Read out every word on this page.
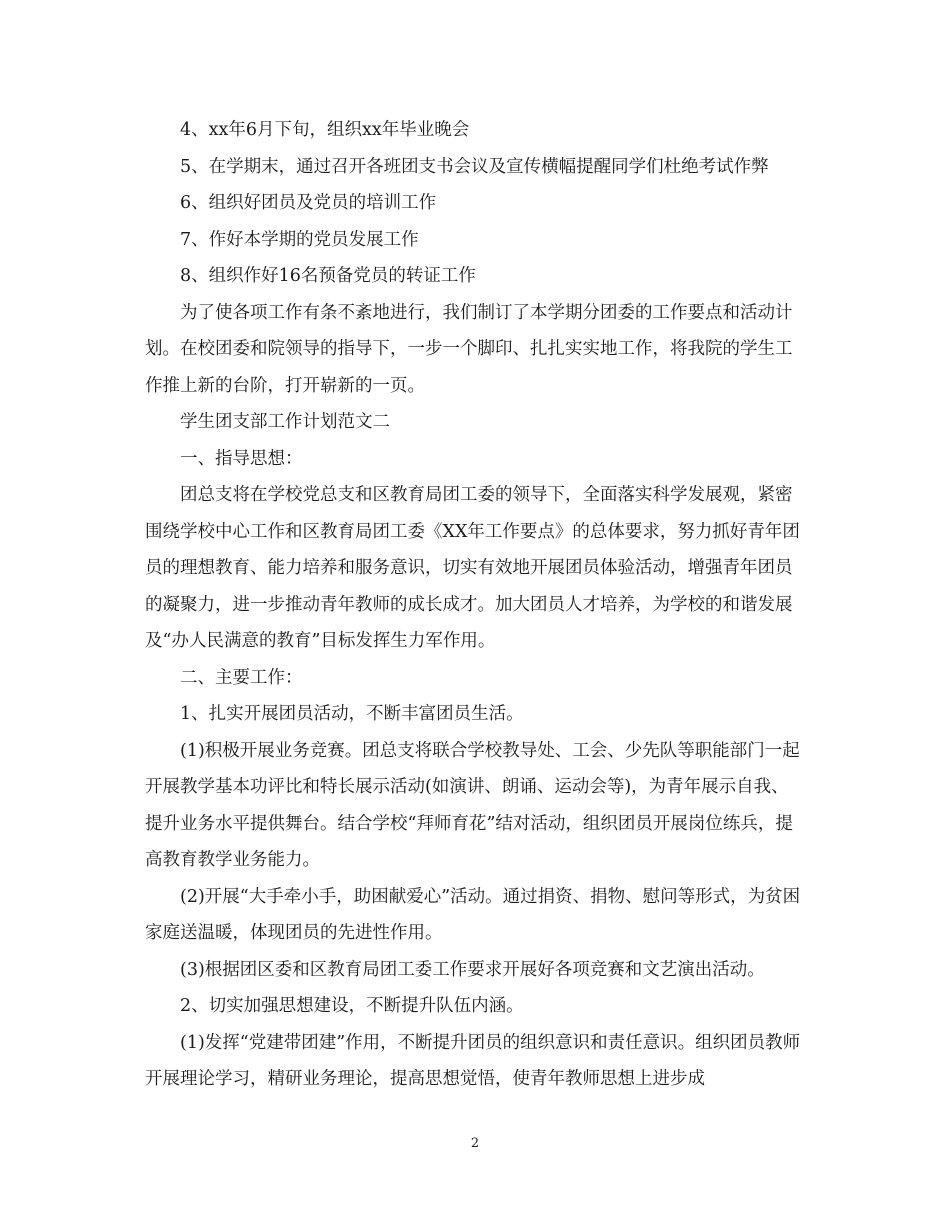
4、xx年6月下旬，组织xx年毕业晚会

5、在学期末，通过召开各班团支书会议及宣传横幅提醒同学们杜绝考试作弊

6、组织好团员及党员的培训工作

7、作好本学期的党员发展工作

8、组织作好16名预备党员的转证工作

为了使各项工作有条不紊地进行，我们制订了本学期分团委的工作要点和活动计划。在校团委和院领导的指导下，一步一个脚印、扎扎实实地工作，将我院的学生工作推上新的台阶，打开崭新的一页。

学生团支部工作计划范文二

一、指导思想：

团总支将在学校党总支和区教育局团工委的领导下，全面落实科学发展观，紧密围绕学校中心工作和区教育局团工委《XX年工作要点》的总体要求，努力抓好青年团员的理想教育、能力培养和服务意识，切实有效地开展团员体验活动，增强青年团员的凝聚力，进一步推动青年教师的成长成才。加大团员人才培养，为学校的和谐发展及“办人民满意的教育”目标发挥生力军作用。

二、主要工作：

1、扎实开展团员活动，不断丰富团员生活。

(1)积极开展业务竞赛。团总支将联合学校教导处、工会、少先队等职能部门一起开展教学基本功评比和特长展示活动(如演讲、朗诵、运动会等)，为青年展示自我、提升业务水平提供舞台。结合学校“拜师育花”结对活动，组织团员开展岗位练兵，提高教育教学业务能力。

(2)开展“大手牵小手，助困献爱心”活动。通过捐资、捐物、慰问等形式，为贫困家庭送温暖，体现团员的先进性作用。

(3)根据团区委和区教育局团工委工作要求开展好各项竞赛和文艺演出活动。

2、切实加强思想建设，不断提升队伍内涵。

(1)发挥“党建带团建”作用，不断提升团员的组织意识和责任意识。组织团员教师开展理论学习，精研业务理论，提高思想觉悟，使青年教师思想上进步成

2
